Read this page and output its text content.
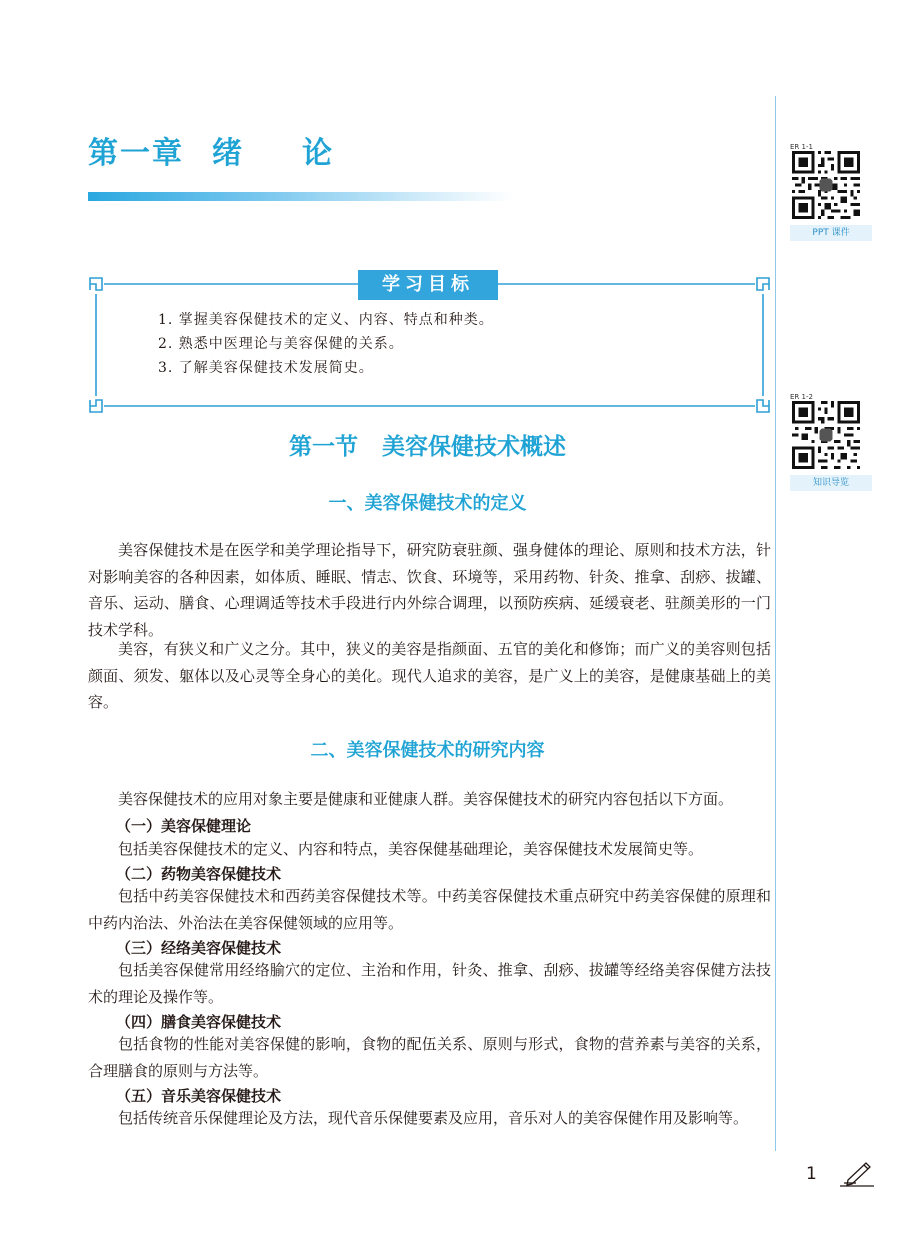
第一章 绪论	ER 1-1
PPT 课件
ER 1-2
知识导览
学习目标
1. 掌握美容保健技术的定义、内容、特点和种类。
2. 熟悉中医理论与美容保健的关系。
3. 了解美容保健技术发展简史。
第一节 美容保健技术概述
一、美容保健技术的定义

美容保健技术是在医学和美学理论指导下，研究防衰驻颜、强身健体的理论、原则和技术方法，针对影响美容的各种因素，如体质、睡眠、情志、饮食、环境等，采用药物、针灸、推拿、刮痧、拔罐、音乐、运动、膳食、心理调适等技术手段进行内外综合调理，以预防疾病、延缓衰老、驻颜美形的一门技术学科。

美容，有狭义和广义之分。其中，狭义的美容是指颜面、五官的美化和修饰；而广义的美容则包括颜面、须发、躯体以及心灵等全身心的美化。现代人追求的美容，是广义上的美容，是健康基础上的美容。

二、美容保健技术的研究内容

美容保健技术的应用对象主要是健康和亚健康人群。美容保健技术的研究内容包括以下方面。

（一）美容保健理论

包括美容保健技术的定义、内容和特点，美容保健基础理论，美容保健技术发展简史等。

（二）药物美容保健技术

包括中药美容保健技术和西药美容保健技术等。中药美容保健技术重点研究中药美容保健的原理和中药内治法、外治法在美容保健领域的应用等。

（三）经络美容保健技术

包括美容保健常用经络腧穴的定位、主治和作用，针灸、推拿、刮痧、拔罐等经络美容保健方法技术的理论及操作等。

（四）膳食美容保健技术

包括食物的性能对美容保健的影响，食物的配伍关系、原则与形式，食物的营养素与美容的关系，合理膳食的原则与方法等。

（五）音乐美容保健技术

包括传统音乐保健理论及方法，现代音乐保健要素及应用，音乐对人的美容保健作用及影响等。

1
